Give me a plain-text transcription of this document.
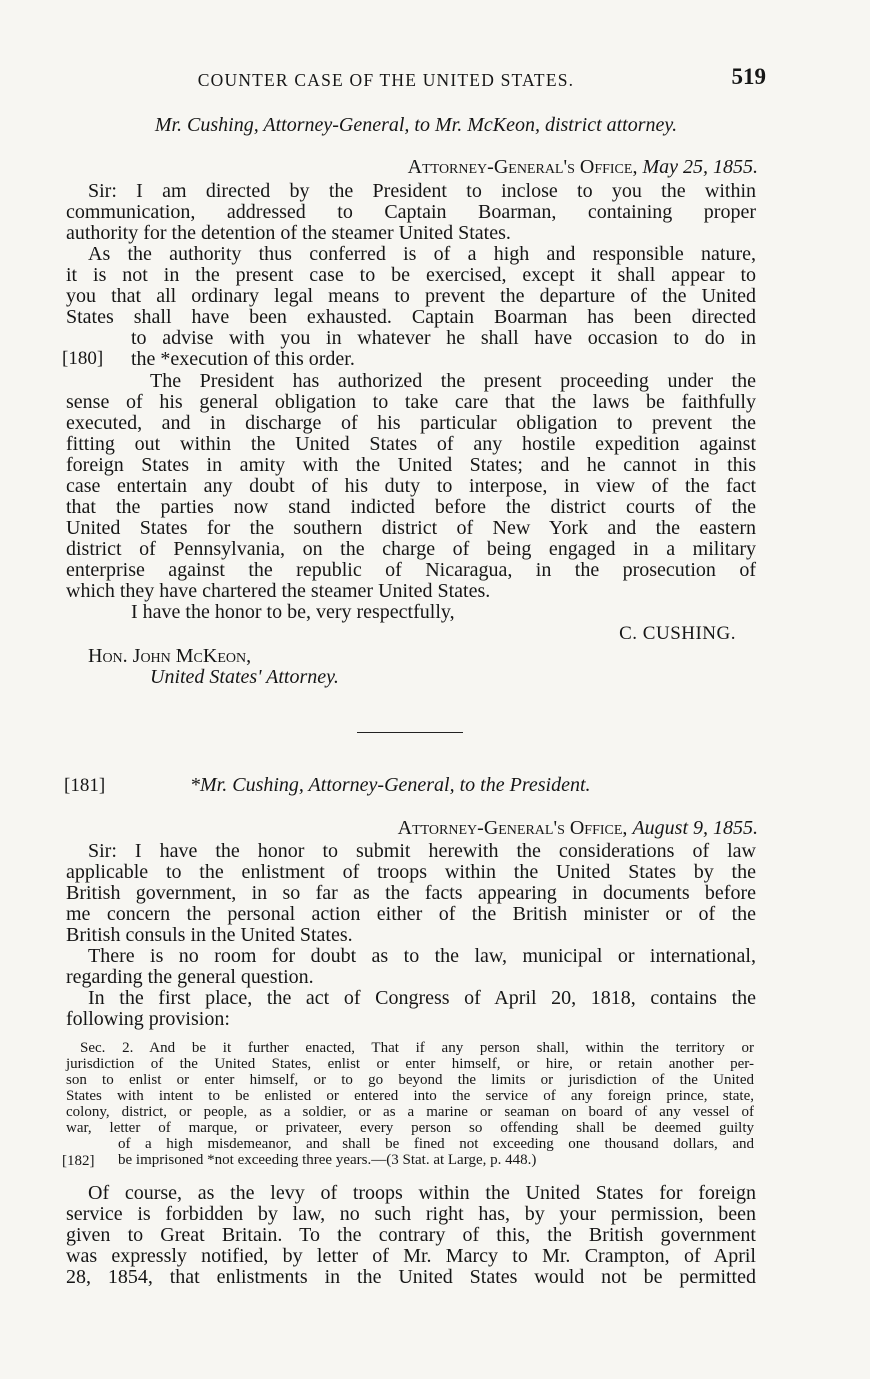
COUNTER CASE OF THE UNITED STATES.	519
Mr. Cushing, Attorney-General, to Mr. McKeon, district attorney.
Attorney-General's Office, May 25, 1855.
Sir: I am directed by the President to inclose to you the within
communication, addressed to Captain Boarman, containing proper
authority for the detention of the steamer United States.
As the authority thus conferred is of a high and responsible nature,
it is not in the present case to be exercised, except it shall appear to
you that all ordinary legal means to prevent the departure of the United
States shall have been exhausted. Captain Boarman has been directed
to advise with you in whatever he shall have occasion to do in
[180] the *execution of this order.
The President has authorized the present proceeding under the
sense of his general obligation to take care that the laws be faithfully
executed, and in discharge of his particular obligation to prevent the
fitting out within the United States of any hostile expedition against
foreign States in amity with the United States; and he cannot in this
case entertain any doubt of his duty to interpose, in view of the fact
that the parties now stand indicted before the district courts of the
United States for the southern district of New York and the eastern
district of Pennsylvania, on the charge of being engaged in a military
enterprise against the republic of Nicaragua, in the prosecution of
which they have chartered the steamer United States.
I have the honor to be, very respectfully,
C. CUSHING.
Hon. John McKeon,
United States' Attorney.
[181]	*Mr. Cushing, Attorney-General, to the President.
Attorney-General's Office, August 9, 1855.
Sir: I have the honor to submit herewith the considerations of law
applicable to the enlistment of troops within the United States by the
British government, in so far as the facts appearing in documents before
me concern the personal action either of the British minister or of the
British consuls in the United States.
There is no room for doubt as to the law, municipal or international,
regarding the general question.
In the first place, the act of Congress of April 20, 1818, contains the
following provision:
Sec. 2. And be it further enacted, That if any person shall, within the territory or
jurisdiction of the United States, enlist or enter himself, or hire, or retain another per-
son to enlist or enter himself, or to go beyond the limits or jurisdiction of the United
States with intent to be enlisted or entered into the service of any foreign prince, state,
colony, district, or people, as a soldier, or as a marine or seaman on board of any vessel of
war, letter of marque, or privateer, every person so offending shall be deemed guilty
of a high misdemeanor, and shall be fined not exceeding one thousand dollars, and
[182] be imprisoned *not exceeding three years.—(3 Stat. at Large, p. 448.)
Of course, as the levy of troops within the United States for foreign
service is forbidden by law, no such right has, by your permission, been
given to Great Britain. To the contrary of this, the British government
was expressly notified, by letter of Mr. Marcy to Mr. Crampton, of April
28, 1854, that enlistments in the United States would not be permitted
